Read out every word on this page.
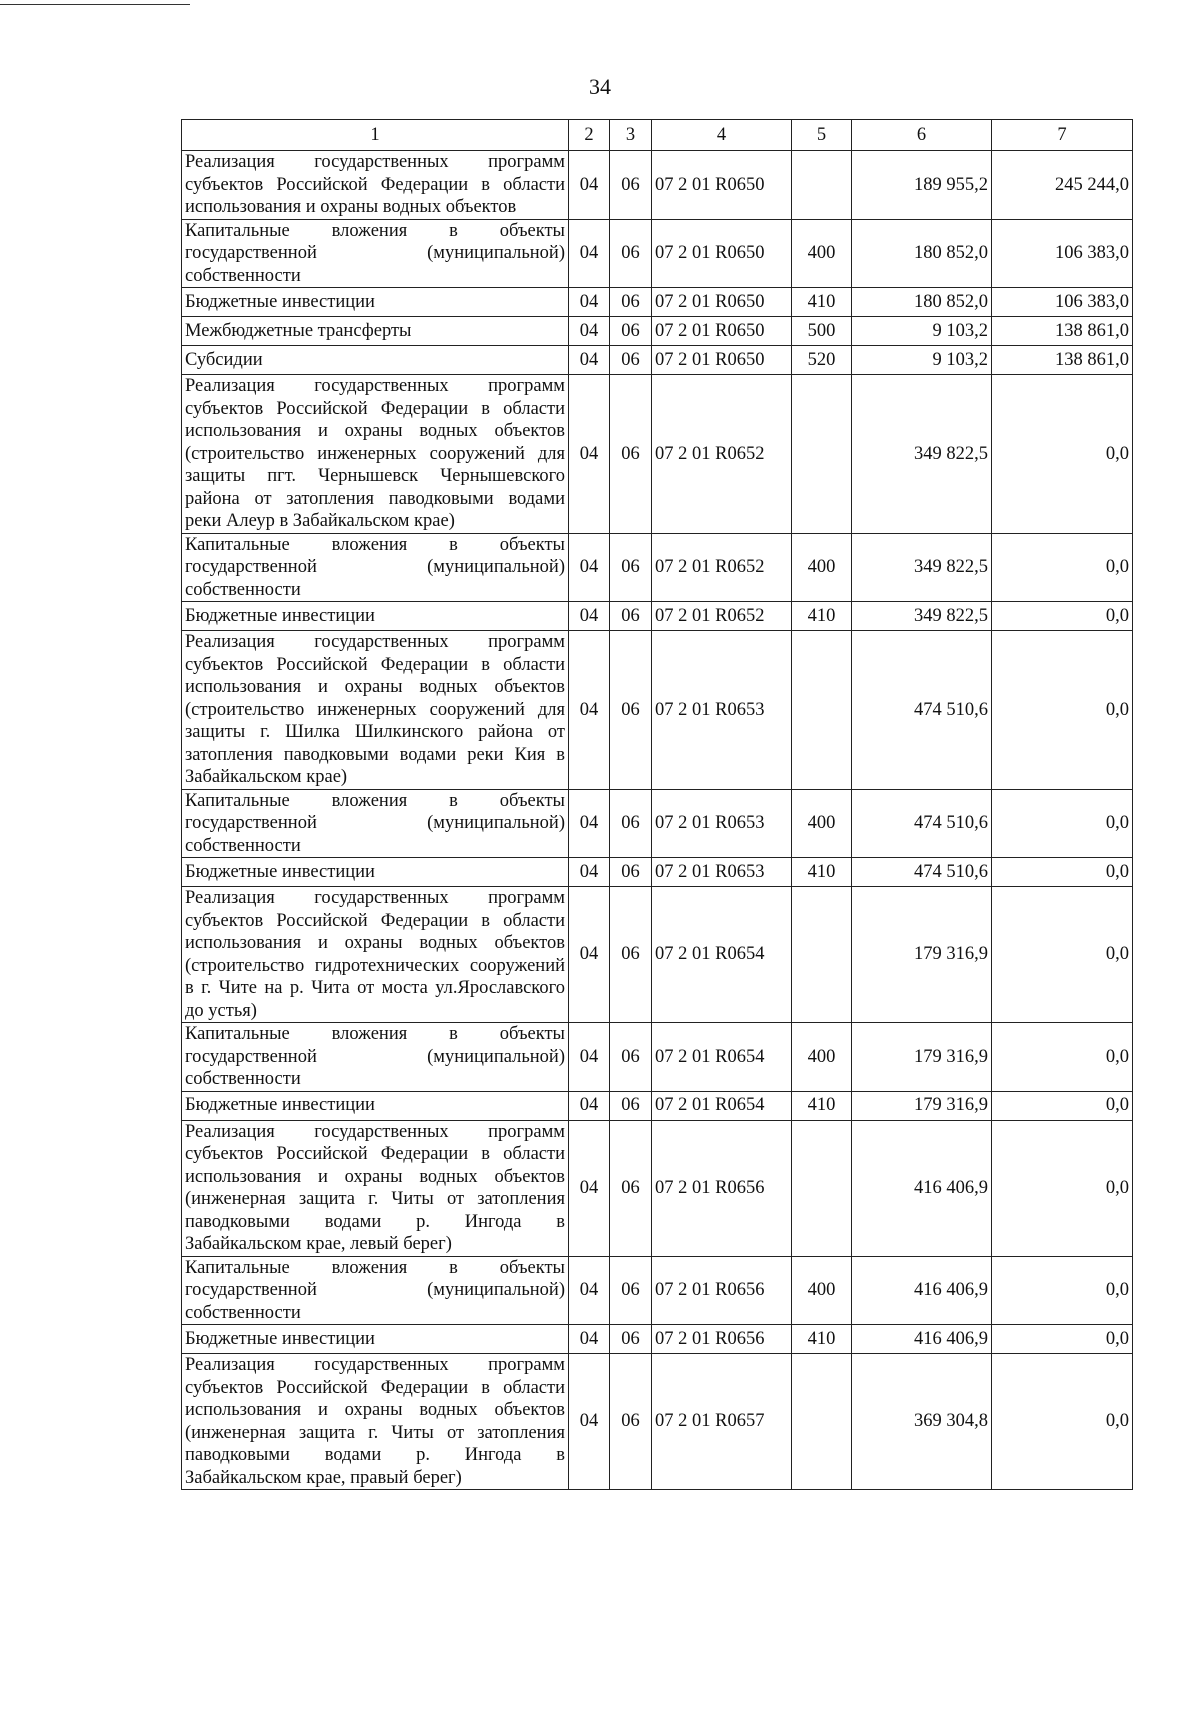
34
1	2	3	4	5	6	7
Реализация государственных программ субъектов Российской Федерации в области использования и охраны водных объектов	04	06	07 2 01 R0650		189 955,2	245 244,0
Капитальные вложения в объекты государственной (муниципальной) собственности	04	06	07 2 01 R0650	400	180 852,0	106 383,0
Бюджетные инвестиции	04	06	07 2 01 R0650	410	180 852,0	106 383,0
Межбюджетные трансферты	04	06	07 2 01 R0650	500	9 103,2	138 861,0
Субсидии	04	06	07 2 01 R0650	520	9 103,2	138 861,0
Реализация государственных программ субъектов Российской Федерации в области использования и охраны водных объектов (строительство инженерных сооружений для защиты пгт. Чернышевск Чернышевского района от затопления паводковыми водами реки Алеур в Забайкальском крае)	04	06	07 2 01 R0652		349 822,5	0,0
Капитальные вложения в объекты государственной (муниципальной) собственности	04	06	07 2 01 R0652	400	349 822,5	0,0
Бюджетные инвестиции	04	06	07 2 01 R0652	410	349 822,5	0,0
Реализация государственных программ субъектов Российской Федерации в области использования и охраны водных объектов (строительство инженерных сооружений для защиты г. Шилка Шилкинского района от затопления паводковыми водами реки Кия в Забайкальском крае)	04	06	07 2 01 R0653		474 510,6	0,0
Капитальные вложения в объекты государственной (муниципальной) собственности	04	06	07 2 01 R0653	400	474 510,6	0,0
Бюджетные инвестиции	04	06	07 2 01 R0653	410	474 510,6	0,0
Реализация государственных программ субъектов Российской Федерации в области использования и охраны водных объектов (строительство гидротехнических сооружений в г. Чите на р. Чита от моста ул.Ярославского до устья)	04	06	07 2 01 R0654		179 316,9	0,0
Капитальные вложения в объекты государственной (муниципальной) собственности	04	06	07 2 01 R0654	400	179 316,9	0,0
Бюджетные инвестиции	04	06	07 2 01 R0654	410	179 316,9	0,0
Реализация государственных программ субъектов Российской Федерации в области использования и охраны водных объектов (инженерная защита г. Читы от затопления паводковыми водами р. Ингода в Забайкальском крае, левый берег)	04	06	07 2 01 R0656		416 406,9	0,0
Капитальные вложения в объекты государственной (муниципальной) собственности	04	06	07 2 01 R0656	400	416 406,9	0,0
Бюджетные инвестиции	04	06	07 2 01 R0656	410	416 406,9	0,0
Реализация государственных программ субъектов Российской Федерации в области использования и охраны водных объектов (инженерная защита г. Читы от затопления паводковыми водами р. Ингода в Забайкальском крае, правый берег)	04	06	07 2 01 R0657		369 304,8	0,0
